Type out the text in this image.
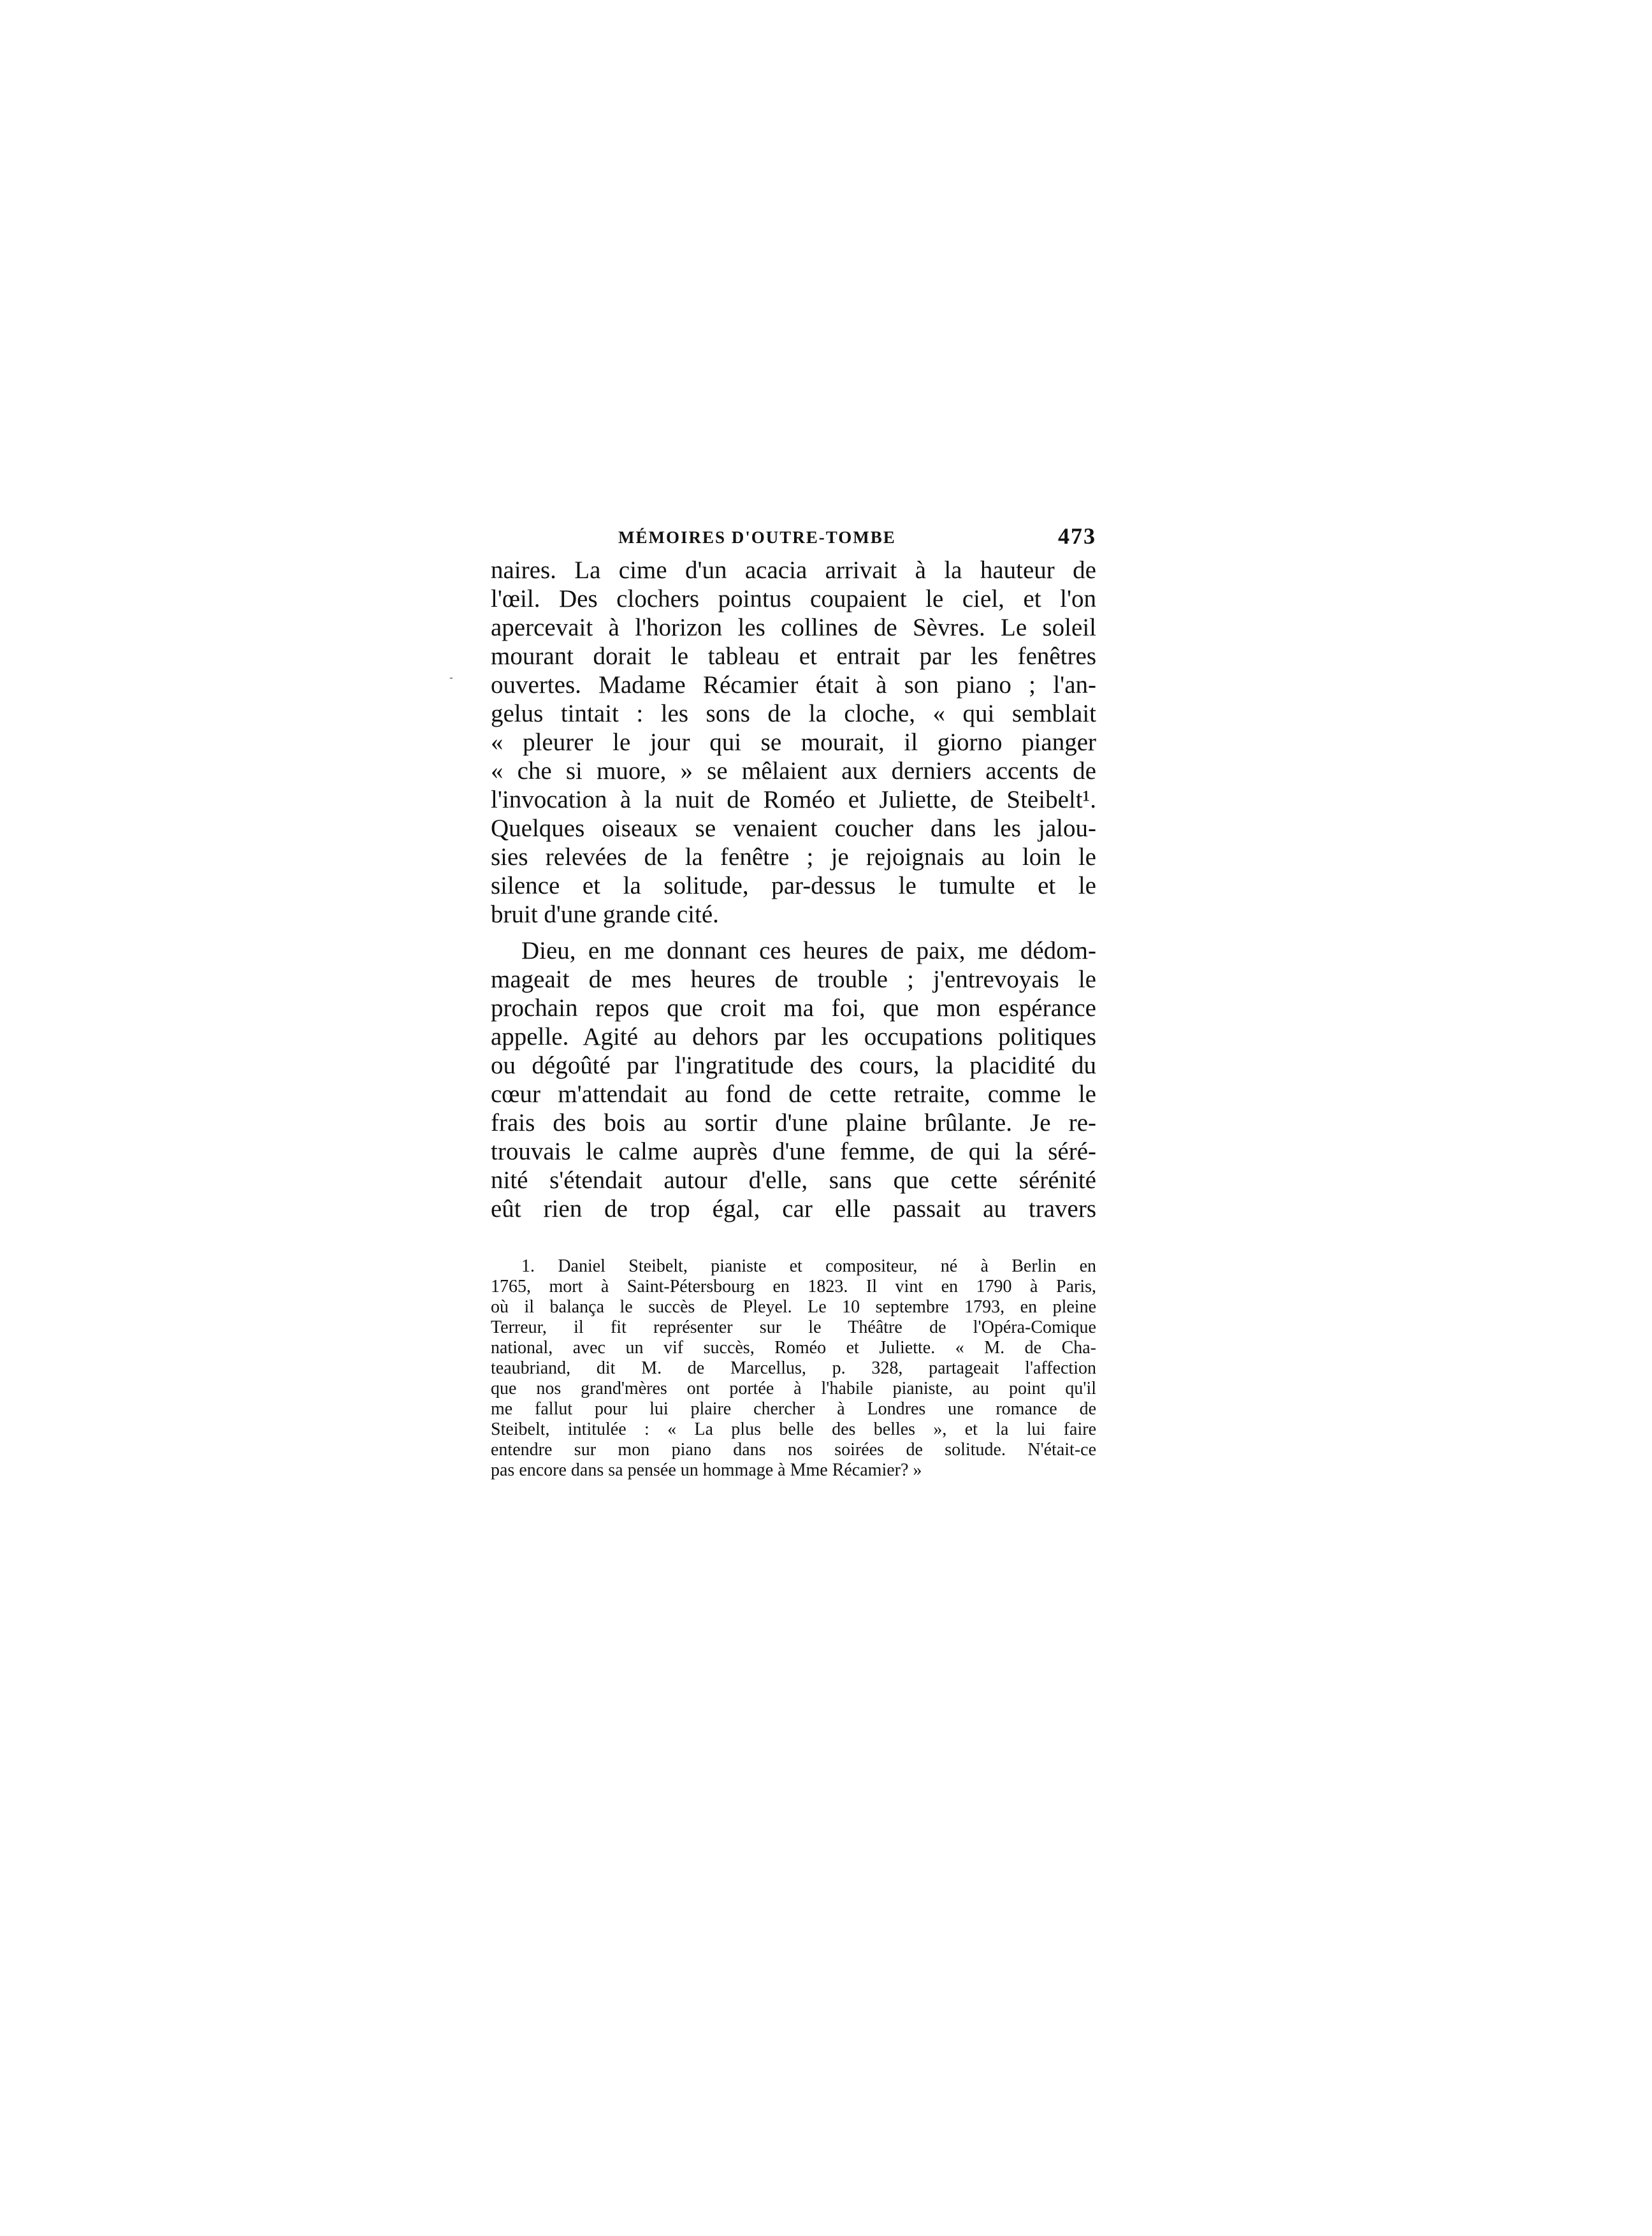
MÉMOIRES D'OUTRE-TOMBE	473

naires. La cime d'un acacia arrivait à la hauteur de
l'œil. Des clochers pointus coupaient le ciel, et l'on
apercevait à l'horizon les collines de Sèvres. Le soleil
mourant dorait le tableau et entrait par les fenêtres
ouvertes. Madame Récamier était à son piano ; l'an-
gelus tintait : les sons de la cloche, « qui semblait
« pleurer le jour qui se mourait, il giorno pianger
« che si muore, » se mêlaient aux derniers accents de
l'invocation à la nuit de Roméo et Juliette, de Steibelt¹.
Quelques oiseaux se venaient coucher dans les jalou-
sies relevées de la fenêtre ; je rejoignais au loin le
silence et la solitude, par-dessus le tumulte et le
bruit d'une grande cité.

Dieu, en me donnant ces heures de paix, me dédom-
mageait de mes heures de trouble ; j'entrevoyais le
prochain repos que croit ma foi, que mon espérance
appelle. Agité au dehors par les occupations politiques
ou dégoûté par l'ingratitude des cours, la placidité du
cœur m'attendait au fond de cette retraite, comme le
frais des bois au sortir d'une plaine brûlante. Je re-
trouvais le calme auprès d'une femme, de qui la séré-
nité s'étendait autour d'elle, sans que cette sérénité
eût rien de trop égal, car elle passait au travers

1. Daniel Steibelt, pianiste et compositeur, né à Berlin en
1765, mort à Saint-Pétersbourg en 1823. Il vint en 1790 à Paris,
où il balança le succès de Pleyel. Le 10 septembre 1793, en pleine
Terreur, il fit représenter sur le Théâtre de l'Opéra-Comique
national, avec un vif succès, Roméo et Juliette. « M. de Cha-
teaubriand, dit M. de Marcellus, p. 328, partageait l'affection
que nos grand'mères ont portée à l'habile pianiste, au point qu'il
me fallut pour lui plaire chercher à Londres une romance de
Steibelt, intitulée : « La plus belle des belles », et la lui faire
entendre sur mon piano dans nos soirées de solitude. N'était-ce
pas encore dans sa pensée un hommage à Mme Récamier? »
